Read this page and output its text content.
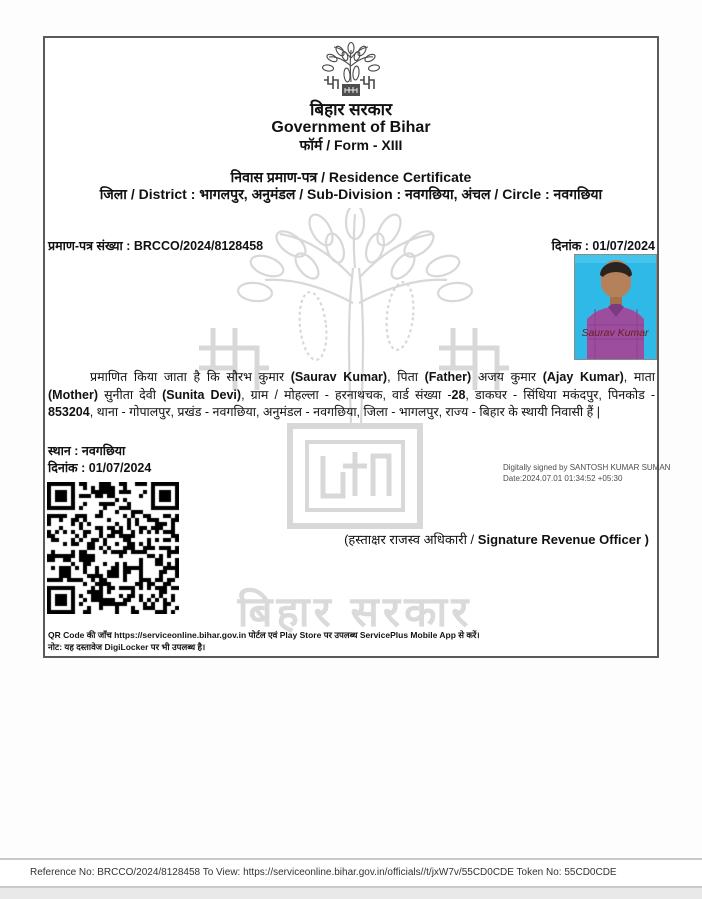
बिहार सरकार
बिहार सरकार
Government of Bihar
फॉर्म / Form - XIII
निवास प्रमाण-पत्र / Residence Certificate
जिला / District : भागलपुर, अनुमंडल / Sub-Division : नवगछिया, अंचल / Circle : नवगछिया
प्रमाण-पत्र संख्या : BRCCO/2024/8128458	दिनांक : 01/07/2024
Saurav Kumar
प्रमाणित किया जाता है कि सौरभ कुमार (Saurav Kumar), पिता (Father) अजय कुमार (Ajay Kumar), माता (Mother) सुनीता देवी (Sunita Devi), ग्राम / मोहल्ला - हरनाथचक, वार्ड संख्या -28, डाकघर - सिंधिया मकंदपुर, पिनकोड - 853204, थाना - गोपालपुर, प्रखंड - नवगछिया, अनुमंडल - नवगछिया, जिला - भागलपुर, राज्य - बिहार के स्थायी निवासी हैं |
स्थान : नवगछिया
दिनांक : 01/07/2024	Digitally signed by SANTOSH KUMAR SUMAN
Date:2024.07.01 01:34:52 +05:30
(हस्ताक्षर राजस्व अधिकारी / Signature Revenue Officer )
QR Code की जाँच https://serviceonline.bihar.gov.in पोर्टल एवं Play Store पर उपलब्ध ServicePlus Mobile App से करें।
नोट: यह दस्तावेज DigiLocker पर भी उपलब्ध है।
Reference No: BRCCO/2024/8128458 To View: https://serviceonline.bihar.gov.in/officials//t/jxW7v/55CD0CDE Token No: 55CD0CDE
